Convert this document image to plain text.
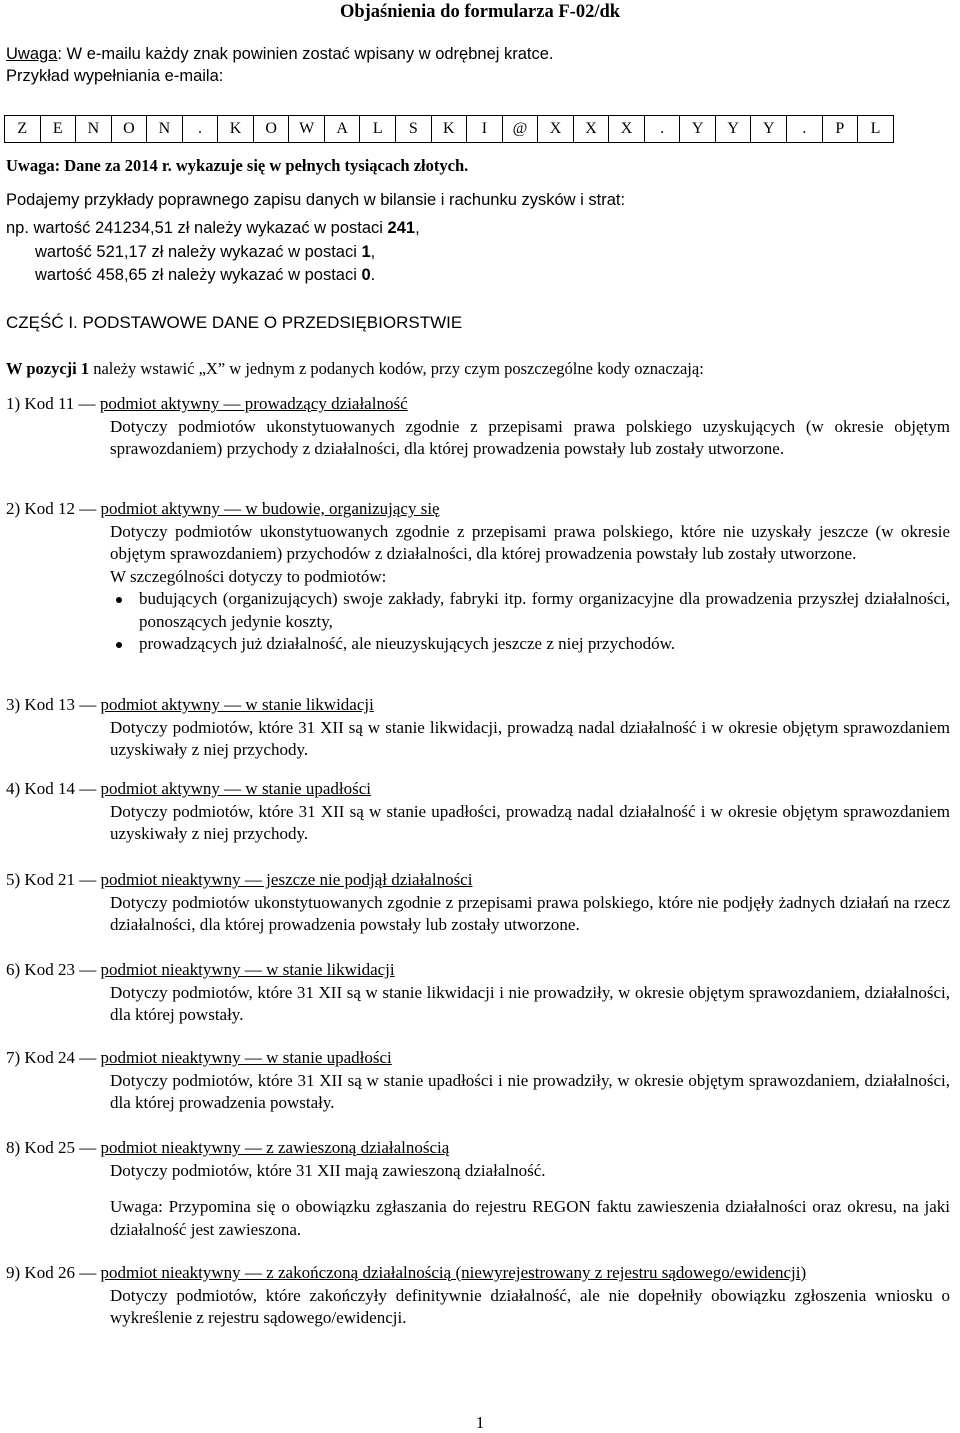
Objaśnienia do formularza F-02/dk
Uwaga: W e-mailu każdy znak powinien zostać wpisany w odrębnej kratce.
Przykład wypełniania e-maila:
Z	E	N	O	N	.	K	O	W	A	L	S	K	I	@	X	X	X	.	Y	Y	Y	.	P	L
Uwaga: Dane za 2014 r. wykazuje się w pełnych tysiącach złotych.
Podajemy przykłady poprawnego zapisu danych w bilansie i rachunku zysków i strat:
np. wartość 241234,51 zł należy wykazać w postaci 241,
wartość 521,17 zł należy wykazać w postaci 1,
wartość 458,65 zł należy wykazać w postaci 0.
CZĘŚĆ I. PODSTAWOWE DANE O PRZEDSIĘBIORSTWIE
W pozycji 1 należy wstawić „X” w jednym z podanych kodów, przy czym poszczególne kody oznaczają:
1) Kod 11 — podmiot aktywny — prowadzący działalność
Dotyczy podmiotów ukonstytuowanych zgodnie z przepisami prawa polskiego uzyskujących (w okresie objętym sprawozdaniem) przychody z działalności, dla której prowadzenia powstały lub zostały utworzone.
2) Kod 12 — podmiot aktywny — w budowie, organizujący się
Dotyczy podmiotów ukonstytuowanych zgodnie z przepisami prawa polskiego, które nie uzyskały jeszcze (w okresie objętym sprawozdaniem) przychodów z działalności, dla której prowadzenia powstały lub zostały utworzone.
W szczególności dotyczy to podmiotów:
budujących (organizujących) swoje zakłady, fabryki itp. formy organizacyjne dla prowadzenia przyszłej działalności, ponoszących jedynie koszty,
prowadzących już działalność, ale nieuzyskujących jeszcze z niej przychodów.
3) Kod 13 — podmiot aktywny — w stanie likwidacji
Dotyczy podmiotów, które 31 XII są w stanie likwidacji, prowadzą nadal działalność i w okresie objętym sprawozdaniem uzyskiwały z niej przychody.
4) Kod 14 — podmiot aktywny — w stanie upadłości
Dotyczy podmiotów, które 31 XII są w stanie upadłości, prowadzą nadal działalność i w okresie objętym sprawozdaniem uzyskiwały z niej przychody.
5) Kod 21 — podmiot nieaktywny — jeszcze nie podjął działalności
Dotyczy podmiotów ukonstytuowanych zgodnie z przepisami prawa polskiego, które nie podjęły żadnych działań na rzecz działalności, dla której prowadzenia powstały lub zostały utworzone.
6) Kod 23 — podmiot nieaktywny — w stanie likwidacji
Dotyczy podmiotów, które 31 XII są w stanie likwidacji i nie prowadziły, w okresie objętym sprawozdaniem, działalności, dla której powstały.
7) Kod 24 — podmiot nieaktywny — w stanie upadłości
Dotyczy podmiotów, które 31 XII są w stanie upadłości i nie prowadziły, w okresie objętym sprawozdaniem, działalności, dla której prowadzenia powstały.
8) Kod 25 — podmiot nieaktywny — z zawieszoną działalnością
Dotyczy podmiotów, które 31 XII mają zawieszoną działalność.
Uwaga: Przypomina się o obowiązku zgłaszania do rejestru REGON faktu zawieszenia działalności oraz okresu, na jaki działalność jest zawieszona.
9) Kod 26 — podmiot nieaktywny — z zakończoną działalnością (niewyrejestrowany z rejestru sądowego/ewidencji)
Dotyczy podmiotów, które zakończyły definitywnie działalność, ale nie dopełniły obowiązku zgłoszenia wniosku o wykreślenie z rejestru sądowego/ewidencji.
1
